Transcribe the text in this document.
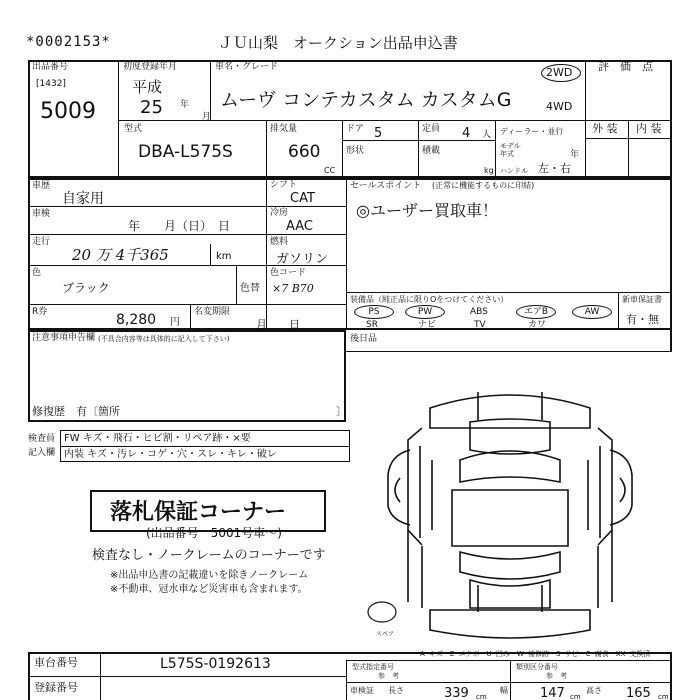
*0002153*	ＪＵ山梨　オークション出品申込書
出品番号
[1432]
5009
初度登録年月
平成
25 年
月
車名・グレード
ムーヴ コンテカスタム カスタムG
2WD
4WD
評　価　点
型式
DBA-L575S
排気量
660
CC
ドア 5
形状
定員 4 人
積載
kg
ディーラー・並行
モデル
年式	年
ハンドル 左・右
外 装 内 装
車歴
自家用
車検
年　　月（日）　日
走行
20 万 4千365	km
色
ブラック	色替
R券	8,280 円
名変期限
月　　日
シフト
CAT
冷房
AAC
燃料
ガソリン
色コード
×7 B70
セールスポイント (正常に機能するものに印結)
◎ユーザー買取車！
装備品（純正品に限りOをつけてください）
PS	PW	ABS	エアB	AW
SR	ナビ	TV	カワ
新車保証書
有・無
注意事項申告欄 (不具合内容等は具体的に記入して下さい)
修復歴　有〔箇所	〕
後日品
検査員
記入欄
FW キズ・飛石・ヒビ割・リペア跡・×要
内装 キズ・汚レ・コゲ・穴・スレ・キレ・破レ
落札保証コーナー
(出品番号　5001号車〜)
検査なし・ノークレームのコーナーです
※出品申込書の記載違いを除きノークレーム
※不動車、冠水車など災害車も含まれます。
スペア
A─キズ　E─エクボ　U─凹み　W─補修跡　S─サビ　C─腐食　XX─交換済
車台番号	L575S-0192613
登録番号
型式指定番号
参　考
類別区分番号
参　考
車検証 長さ	339 cm
幅 147 cm
高さ 165 cm
